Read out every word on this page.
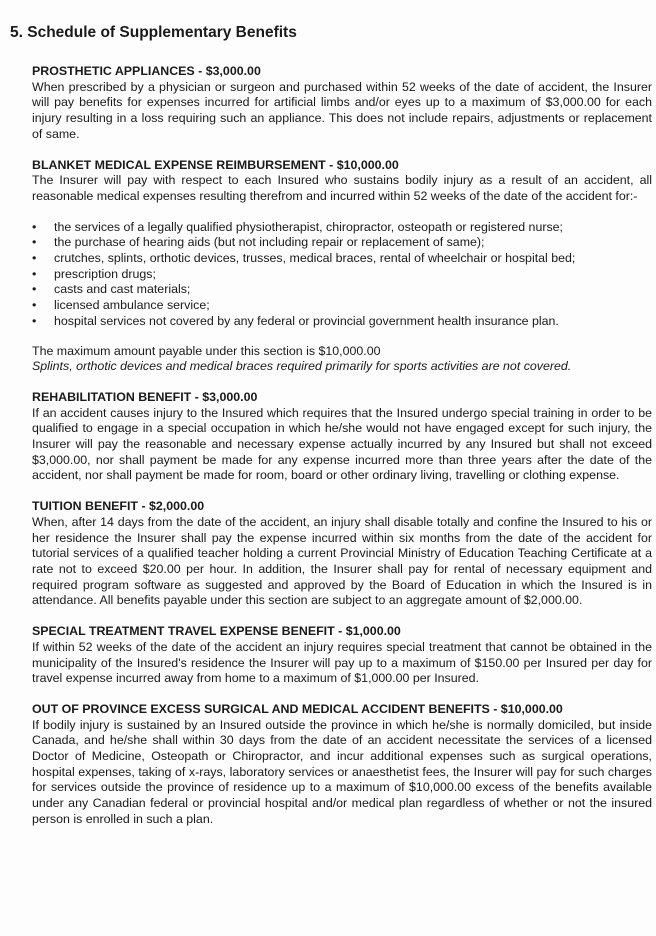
5. Schedule of Supplementary Benefits
PROSTHETIC APPLIANCES - $3,000.00

When prescribed by a physician or surgeon and purchased within 52 weeks of the date of accident, the Insurer will pay benefits for expenses incurred for artificial limbs and/or eyes up to a maximum of $3,000.00 for each injury resulting in a loss requiring such an appliance. This does not include repairs, adjustments or replacement of same.

BLANKET MEDICAL EXPENSE REIMBURSEMENT - $10,000.00

The Insurer will pay with respect to each Insured who sustains bodily injury as a result of an accident, all reasonable medical expenses resulting therefrom and incurred within 52 weeks of the date of the accident for:-

• the services of a legally qualified physiotherapist, chiropractor, osteopath or registered nurse;
• the purchase of hearing aids (but not including repair or replacement of same);
• crutches, splints, orthotic devices, trusses, medical braces, rental of wheelchair or hospital bed;
• prescription drugs;
• casts and cast materials;
• licensed ambulance service;
• hospital services not covered by any federal or provincial government health insurance plan.

The maximum amount payable under this section is $10,000.00

Splints, orthotic devices and medical braces required primarily for sports activities are not covered.

REHABILITATION BENEFIT - $3,000.00

If an accident causes injury to the Insured which requires that the Insured undergo special training in order to be qualified to engage in a special occupation in which he/she would not have engaged except for such injury, the Insurer will pay the reasonable and necessary expense actually incurred by any Insured but shall not exceed $3,000.00, nor shall payment be made for any expense incurred more than three years after the date of the accident, nor shall payment be made for room, board or other ordinary living, travelling or clothing expense.

TUITION BENEFIT - $2,000.00

When, after 14 days from the date of the accident, an injury shall disable totally and confine the Insured to his or her residence the Insurer shall pay the expense incurred within six months from the date of the accident for tutorial services of a qualified teacher holding a current Provincial Ministry of Education Teaching Certificate at a rate not to exceed $20.00 per hour. In addition, the Insurer shall pay for rental of necessary equipment and required program software as suggested and approved by the Board of Education in which the Insured is in attendance. All benefits payable under this section are subject to an aggregate amount of $2,000.00.

SPECIAL TREATMENT TRAVEL EXPENSE BENEFIT - $1,000.00

If within 52 weeks of the date of the accident an injury requires special treatment that cannot be obtained in the municipality of the Insured's residence the Insurer will pay up to a maximum of $150.00 per Insured per day for travel expense incurred away from home to a maximum of $1,000.00 per Insured.

OUT OF PROVINCE EXCESS SURGICAL AND MEDICAL ACCIDENT BENEFITS - $10,000.00

If bodily injury is sustained by an Insured outside the province in which he/she is normally domiciled, but inside Canada, and he/she shall within 30 days from the date of an accident necessitate the services of a licensed Doctor of Medicine, Osteopath or Chiropractor, and incur additional expenses such as surgical operations, hospital expenses, taking of x-rays, laboratory services or anaesthetist fees, the Insurer will pay for such charges for services outside the province of residence up to a maximum of $10,000.00 excess of the benefits available under any Canadian federal or provincial hospital and/or medical plan regardless of whether or not the insured person is enrolled in such a plan.
